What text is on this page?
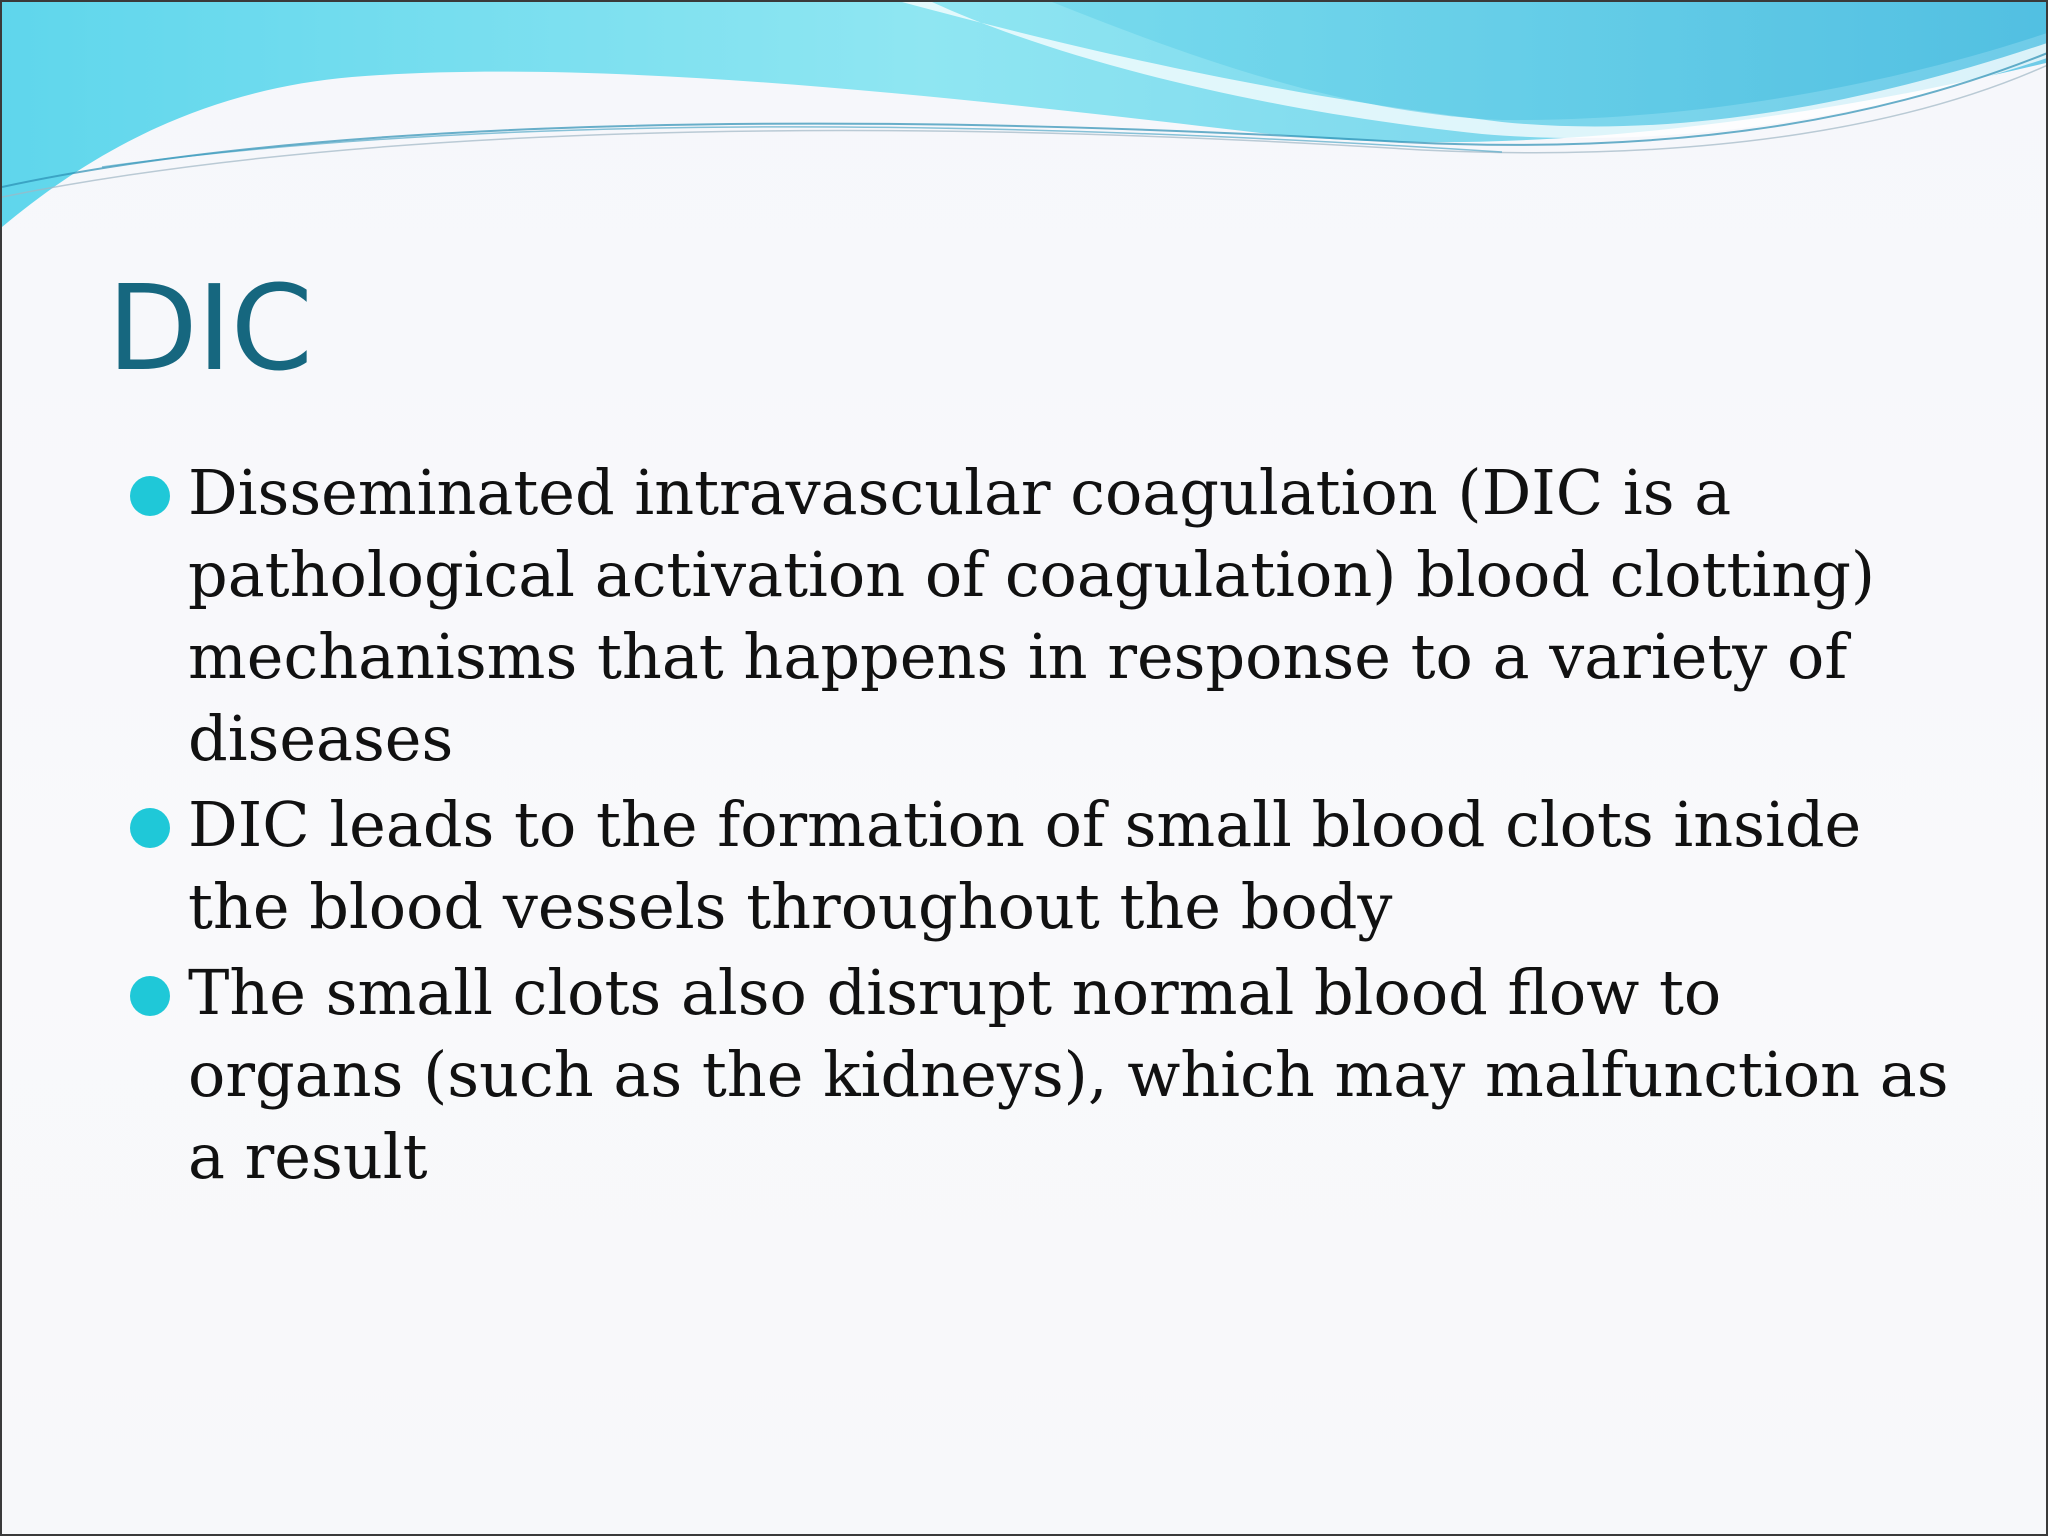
DIC
Disseminated intravascular coagulation (DIC is a pathological activation of coagulation) blood clotting) mechanisms that happens in response to a variety of diseases
DIC leads to the formation of small blood clots inside the blood vessels throughout the body
The small clots also disrupt normal blood flow to organs (such as the kidneys), which may malfunction as a result
